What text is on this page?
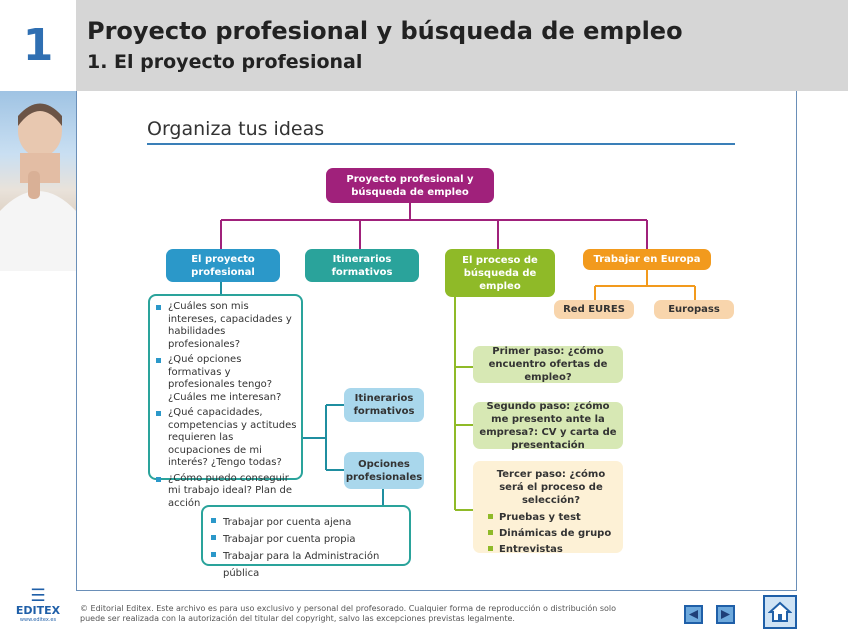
1	Proyecto profesional y búsqueda de empleo
1. El proyecto profesional
Organiza tus ideas
Proyecto profesional y búsqueda de empleo
El proyecto profesional
Itinerarios formativos
El proceso de búsqueda de empleo
Trabajar en Europa
Red EURES	Europass
¿Cuáles son mis intereses, capacidades y habilidades profesionales?
¿Qué opciones formativas y profesionales tengo? ¿Cuáles me interesan?
¿Qué capacidades, competencias y actitudes requieren las ocupaciones de mi interés? ¿Tengo todas?
¿Cómo puedo conseguir mi trabajo ideal? Plan de acción
Itinerarios formativos
Opciones profesionales
Trabajar por cuenta ajena
Trabajar por cuenta propia
Trabajar para la Administración pública
Primer paso: ¿cómo encuentro ofertas de empleo?
Segundo paso: ¿cómo me presento ante la empresa?: CV y carta de presentación
Tercer paso: ¿cómo será el proceso de selección?
Pruebas y test
Dinámicas de grupo
Entrevistas
☰
EDITEX
www.editex.es
© Editorial Editex. Este archivo es para uso exclusivo y personal del profesorado. Cualquier forma de reproducción o distribución solo puede ser realizada con la autorización del titular del copyright, salvo las excepciones previstas legalmente.
